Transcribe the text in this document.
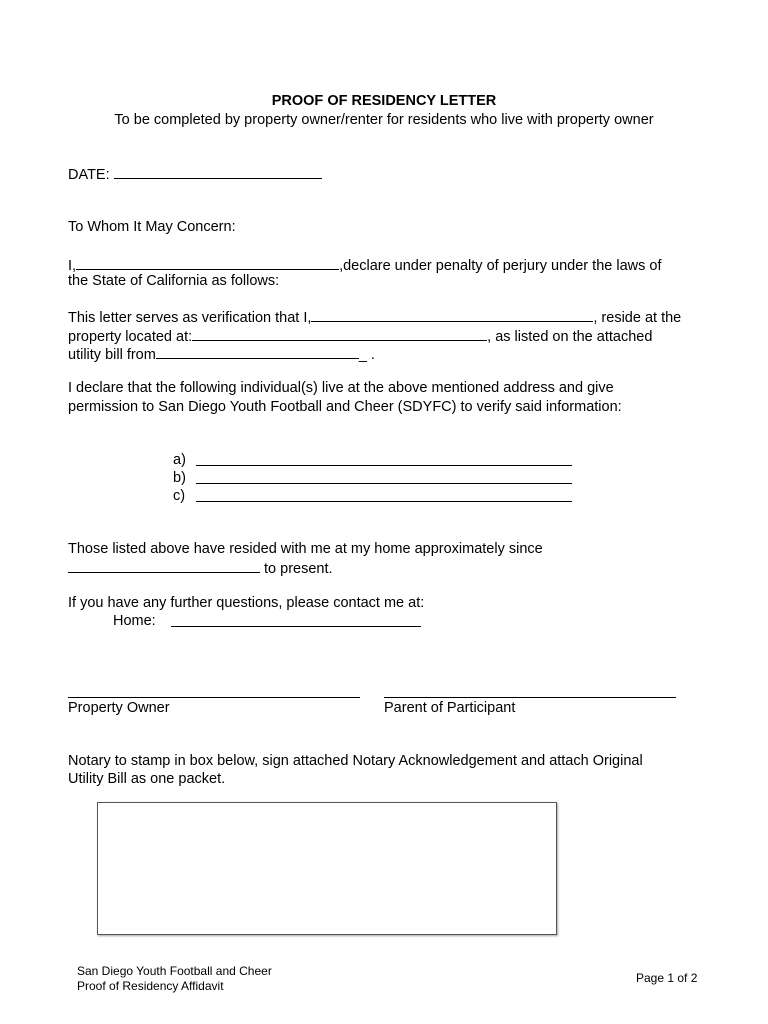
PROOF OF RESIDENCY LETTER
To be completed by property owner/renter for residents who live with property owner
DATE:
To Whom It May Concern:
I,	,declare under penalty of perjury under the laws of
the State of California as follows:
This letter serves as verification that I,	, reside at the
property located at:	, as listed on the attached
utility bill from	_ .
I declare that the following individual(s) live at the above mentioned address and give
permission to San Diego Youth Football and Cheer (SDYFC) to verify said information:
a)
b)
c)
Those listed above have resided with me at my home approximately since
to present.
If you have any further questions, please contact me at:
Home:
Property Owner	Parent of Participant
Notary to stamp in box below, sign attached Notary Acknowledgement and attach Original
Utility Bill as one packet.
San Diego Youth Football and Cheer
Proof of Residency Affidavit
Page 1 of 2
